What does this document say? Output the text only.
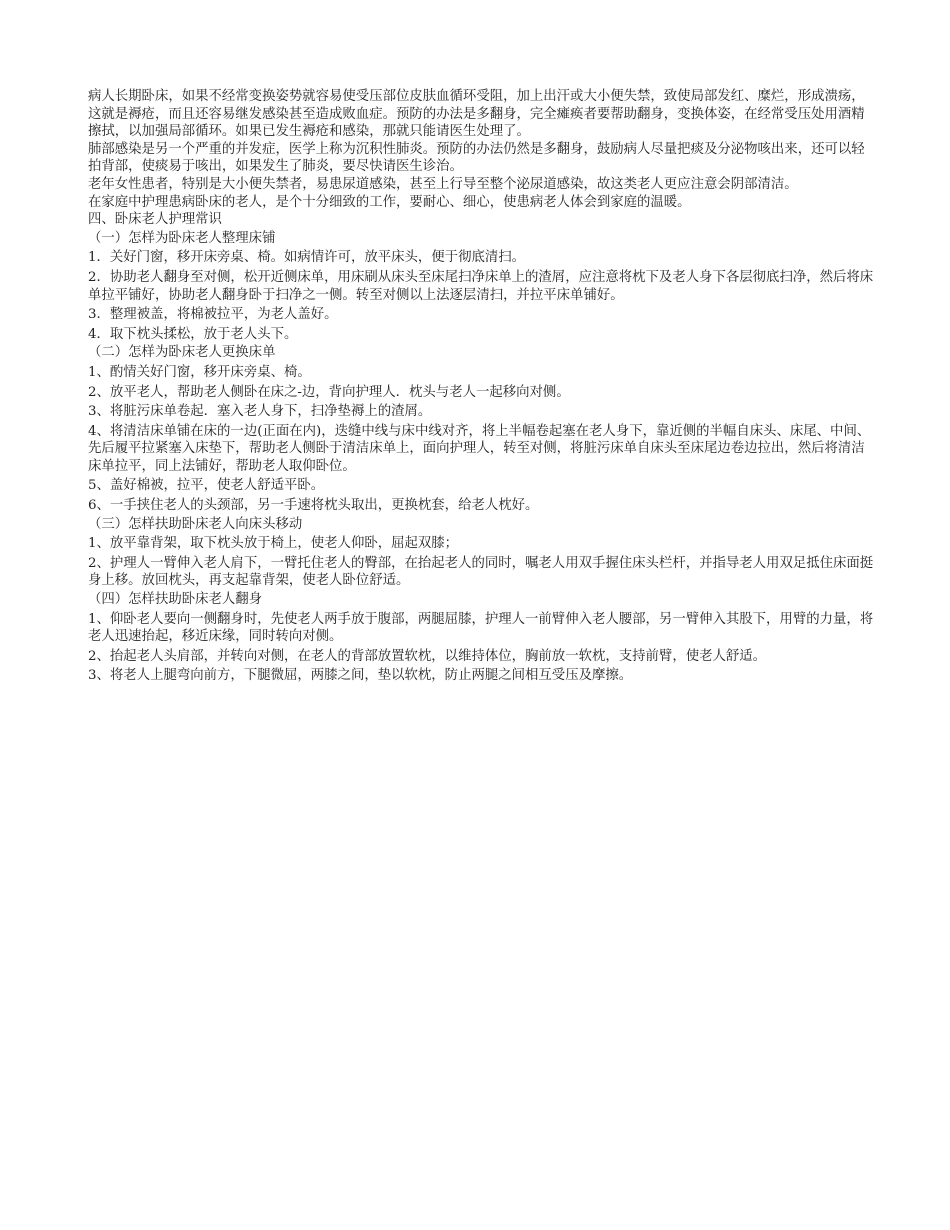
病人长期卧床，如果不经常变换姿势就容易使受压部位皮肤血循环受阻，加上出汗或大小便失禁，致使局部发红、糜烂，形成溃疡，这就是褥疮，而且还容易继发感染甚至造成败血症。预防的办法是多翻身，完全瘫痪者要帮助翻身，变换体姿，在经常受压处用酒精擦拭，以加强局部循环。如果已发生褥疮和感染，那就只能请医生处理了。

肺部感染是另一个严重的并发症，医学上称为沉积性肺炎。预防的办法仍然是多翻身，鼓励病人尽量把痰及分泌物咳出来，还可以轻拍背部，使痰易于咳出，如果发生了肺炎，要尽快请医生诊治。

老年女性患者，特别是大小便失禁者，易患尿道感染，甚至上行导至整个泌尿道感染，故这类老人更应注意会阴部清洁。

在家庭中护理患病卧床的老人，是个十分细致的工作，要耐心、细心，使患病老人体会到家庭的温暖。

四、卧床老人护理常识

（一）怎样为卧床老人整理床铺

1．关好门窗，移开床旁桌、椅。如病情许可，放平床头，便于彻底清扫。

2．协助老人翻身至对侧，松开近侧床单，用床刷从床头至床尾扫净床单上的渣屑，应注意将枕下及老人身下各层彻底扫净，然后将床单拉平铺好，协助老人翻身卧于扫净之一侧。转至对侧以上法逐层清扫，并拉平床单铺好。

3．整理被盖，将棉被拉平，为老人盖好。

4．取下枕头揉松，放于老人头下。

（二）怎样为卧床老人更换床单

1、酌情关好门窗，移开床旁桌、椅。

2、放平老人，帮助老人侧卧在床之-边，背向护理人．枕头与老人一起移向对侧。

3、将脏污床单卷起．塞入老人身下，扫净垫褥上的渣屑。

4、将清洁床单铺在床的一边(正面在内)，迭缝中线与床中线对齐，将上半幅卷起塞在老人身下，靠近侧的半幅自床头、床尾、中间、先后履平拉紧塞入床垫下，帮助老人侧卧于清洁床单上，面向护理人，转至对侧，将脏污床单自床头至床尾边卷边拉出，然后将清洁床单拉平，同上法铺好，帮助老人取仰卧位。

5、盖好棉被，拉平，使老人舒适平卧。

6、一手挟住老人的头颈部，另一手速将枕头取出，更换枕套，给老人枕好。

（三）怎样扶助卧床老人向床头移动

1、放平靠背架，取下枕头放于椅上，使老人仰卧，屈起双膝；

2、护理人一臂伸入老人肩下，一臂托住老人的臀部，在抬起老人的同时，嘱老人用双手握住床头栏杆，并指导老人用双足抵住床面挺身上移。放回枕头，再支起靠背架，使老人卧位舒适。

（四）怎样扶助卧床老人翻身

1、仰卧老人要向一侧翻身时，先使老人两手放于腹部，两腿屈膝，护理人一前臂伸入老人腰部，另一臂伸入其股下，用臂的力量，将老人迅速抬起，移近床缘，同时转向对侧。

2、抬起老人头肩部，并转向对侧，在老人的背部放置软枕，以维持体位，胸前放一软枕，支持前臂，使老人舒适。

3、将老人上腿弯向前方，下腿微屈，两膝之间，垫以软枕，防止两腿之间相互受压及摩擦。
